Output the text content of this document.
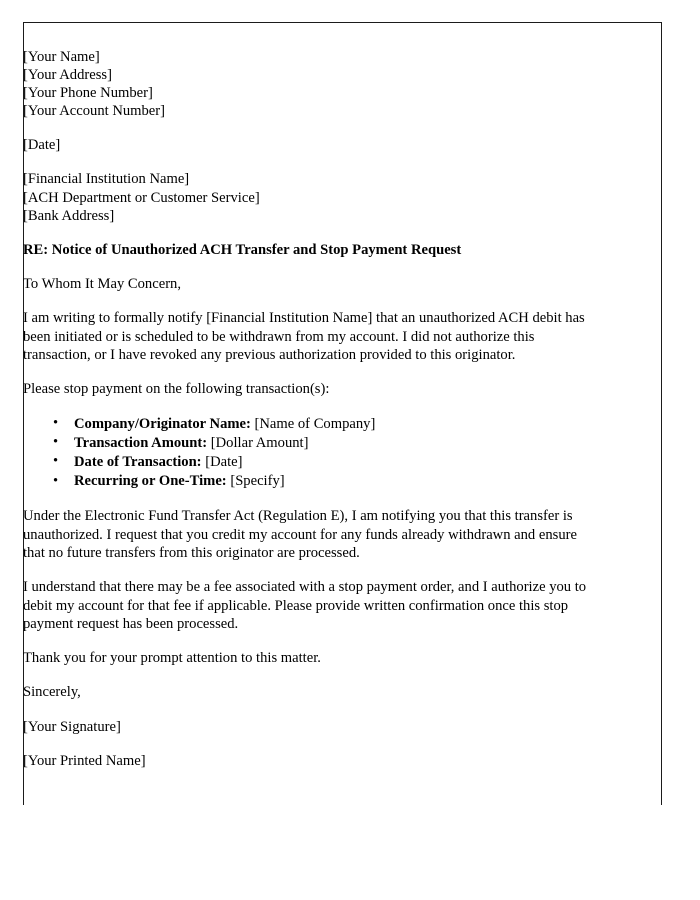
[Your Name]
[Your Address]
[Your Phone Number]
[Your Account Number]
[Date]
[Financial Institution Name]
[ACH Department or Customer Service]
[Bank Address]
RE: Notice of Unauthorized ACH Transfer and Stop Payment Request
To Whom It May Concern,
I am writing to formally notify [Financial Institution Name] that an unauthorized ACH debit has been initiated or is scheduled to be withdrawn from my account. I did not authorize this transaction, or I have revoked any previous authorization provided to this originator.
Please stop payment on the following transaction(s):
• Company/Originator Name: [Name of Company]
• Transaction Amount: [Dollar Amount]
• Date of Transaction: [Date]
• Recurring or One-Time: [Specify]
Under the Electronic Fund Transfer Act (Regulation E), I am notifying you that this transfer is unauthorized. I request that you credit my account for any funds already withdrawn and ensure that no future transfers from this originator are processed.
I understand that there may be a fee associated with a stop payment order, and I authorize you to debit my account for that fee if applicable. Please provide written confirmation once this stop payment request has been processed.
Thank you for your prompt attention to this matter.
Sincerely,
[Your Signature]
[Your Printed Name]
